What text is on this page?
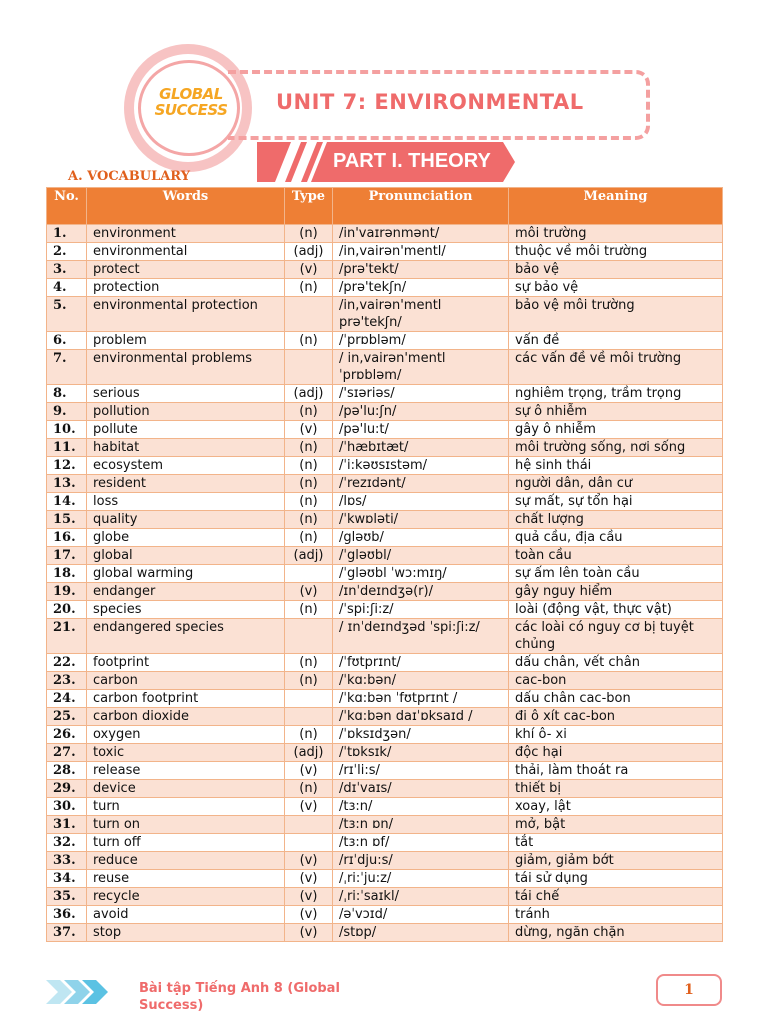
GLOBAL
SUCCESS	UNIT 7: ENVIRONMENTAL
PART I. THEORY
A. VOCABULARY
No.	Words	Type	Pronunciation	Meaning
1.	environment	(n)	/in'vaɪrənmənt/	môi trường
2.	environmental	(adj)	/in,vairən'mentl/	thuộc về môi trường
3.	protect	(v)	/prə'tekt/	bảo vệ
4.	protection	(n)	/prə'tekʃn/	sự bảo vệ
5.	environmental protection		/in,vairən'mentl prə'tekʃn/	bảo vệ môi trường
6.	problem	(n)	/ˈprɒbləm/	vấn đề
7.	environmental problems		/ in,vairən'mentl ˈprɒbləm/	các vấn đề về môi trường
8.	serious	(adj)	/'sɪəriəs/	nghiêm trọng, trầm trọng
9.	pollution	(n)	/pə'lu:ʃn/	sự ô nhiễm
10.	pollute	(v)	/pə'lu:t/	gây ô nhiễm
11.	habitat	(n)	/ˈhæbɪtæt/	môi trường sống, nơi sống
12.	ecosystem	(n)	/ˈi:kəʊsɪstəm/	hệ sinh thái
13.	resident	(n)	/ˈrezɪdənt/	người dân, dân cư
14.	loss	(n)	/lɒs/	sự mất, sự tổn hại
15.	quality	(n)	/ˈkwɒləti/	chất lượng
16.	globe	(n)	/gləʊb/	quả cầu, địa cầu
17.	global	(adj)	/ˈgləʊbl/	toàn cầu
18.	global warming		/ˈgləʊbl ˈwɔ:mɪŋ/	sự ấm lên toàn cầu
19.	endanger	(v)	/ɪnˈdeɪndʒə(r)/	gây nguy hiểm
20.	species	(n)	/ˈspi:ʃi:z/	loài (động vật, thực vật)
21.	endangered species		/ ɪnˈdeɪndʒəd ˈspi:ʃi:z/	các loài có nguy cơ bị tuyệt chủng
22.	footprint	(n)	/ˈfʊtprɪnt/	dấu chân, vết chân
23.	carbon	(n)	/ˈkɑ:bən/	cac-bon
24.	carbon footprint		/ˈkɑ:bən ˈfʊtprɪnt /	dấu chân cac-bon
25.	carbon dioxide		/ˈkɑ:bən daɪˈɒksaɪd /	đi ô xít cac-bon
26.	oxygen	(n)	/ˈɒksɪdʒən/	khí ô- xi
27.	toxic	(adj)	/ˈtɒksɪk/	độc hại
28.	release	(v)	/rɪˈli:s/	thải, làm thoát ra
29.	device	(n)	/dɪˈvaɪs/	thiết bị
30.	turn	(v)	/tɜ:n/	xoay, lật
31.	turn on		/tɜ:n ɒn/	mở, bật
32.	turn off		/tɜ:n ɒf/	tắt
33.	reduce	(v)	/rɪˈdju:s/	giảm, giảm bớt
34.	reuse	(v)	/ˌri:ˈju:z/	tái sử dụng
35.	recycle	(v)	/ˌri:ˈsaɪkl/	tái chế
36.	avoid	(v)	/əˈvɔɪd/	tránh
37.	stop	(v)	/stɒp/	dừng, ngăn chặn
Bài tập Tiếng Anh 8 (Global Success)
1
